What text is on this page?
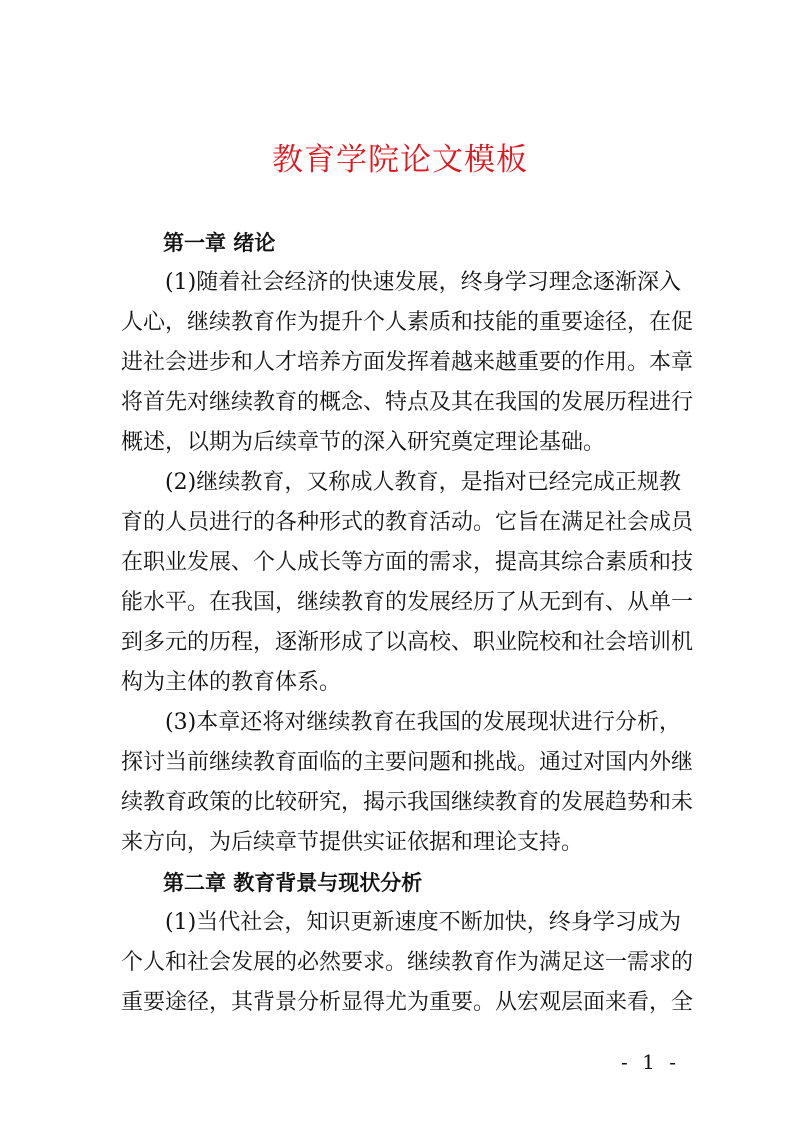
教育学院论文模板
第一章 绪论
(1)随着社会经济的快速发展，终身学习理念逐渐深入
人心，继续教育作为提升个人素质和技能的重要途径，在促
进社会进步和人才培养方面发挥着越来越重要的作用。本章
将首先对继续教育的概念、特点及其在我国的发展历程进行
概述，以期为后续章节的深入研究奠定理论基础。
(2)继续教育，又称成人教育，是指对已经完成正规教
育的人员进行的各种形式的教育活动。它旨在满足社会成员
在职业发展、个人成长等方面的需求，提高其综合素质和技
能水平。在我国，继续教育的发展经历了从无到有、从单一
到多元的历程，逐渐形成了以高校、职业院校和社会培训机
构为主体的教育体系。
(3)本章还将对继续教育在我国的发展现状进行分析，
探讨当前继续教育面临的主要问题和挑战。通过对国内外继
续教育政策的比较研究，揭示我国继续教育的发展趋势和未
来方向，为后续章节提供实证依据和理论支持。
第二章 教育背景与现状分析
(1)当代社会，知识更新速度不断加快，终身学习成为
个人和社会发展的必然要求。继续教育作为满足这一需求的
重要途径，其背景分析显得尤为重要。从宏观层面来看，全
- 1 -
